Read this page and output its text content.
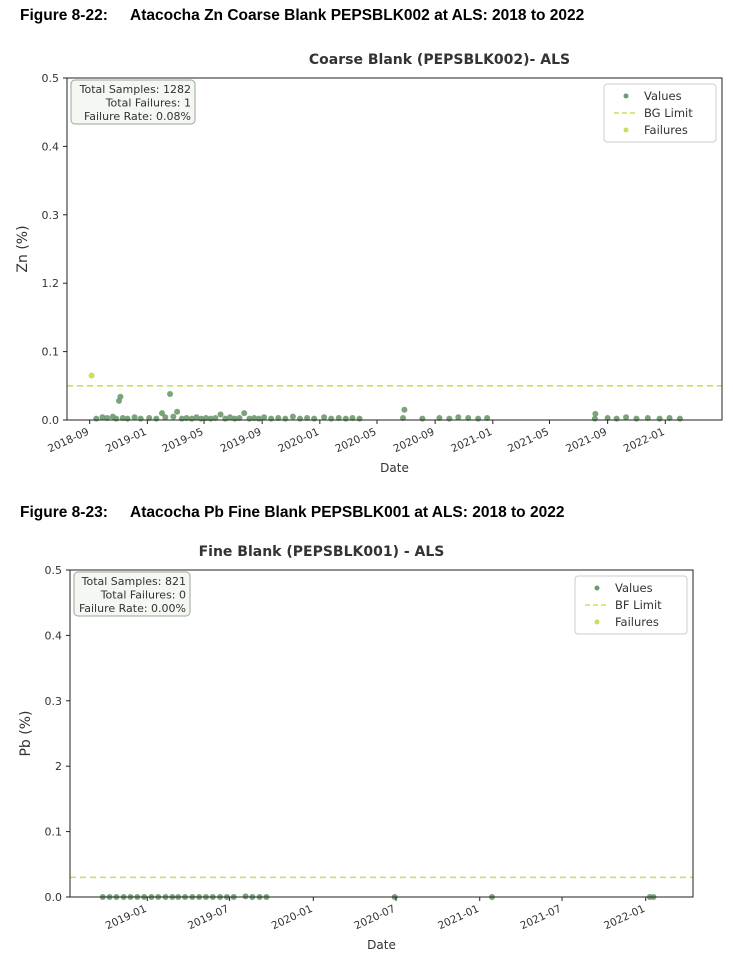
Figure 8-22: Atacocha Zn Coarse Blank PEPSBLK002 at ALS: 2018 to 2022
Figure 8-23: Atacocha Pb Fine Blank PEPSBLK001 at ALS: 2018 to 2022
Coarse Blank (PEPSBLK002)- ALS
0.0
0.1
1.2
0.3
0.4
0.5
2018-09 2019-01 2019-05 2019-09 2020-01 2020-05 2020-09 2021-01 2021-05 2021-09 2022-01
Date
Zn (%)
Total Samples: 1282
Total Failures: 1
Failure Rate: 0.08%
Values
BG Limit
Failures
Fine Blank (PEPSBLK001) - ALS
0.0
0.1
2
0.3
0.4
0.5
2019-01	2019-07	2020-01	2020-07	2021-01	2021-07	2022-01
Date
Pb (%)
Total Samples: 821
Total Failures: 0
Failure Rate: 0.00%
Values
BF Limit
Failures
